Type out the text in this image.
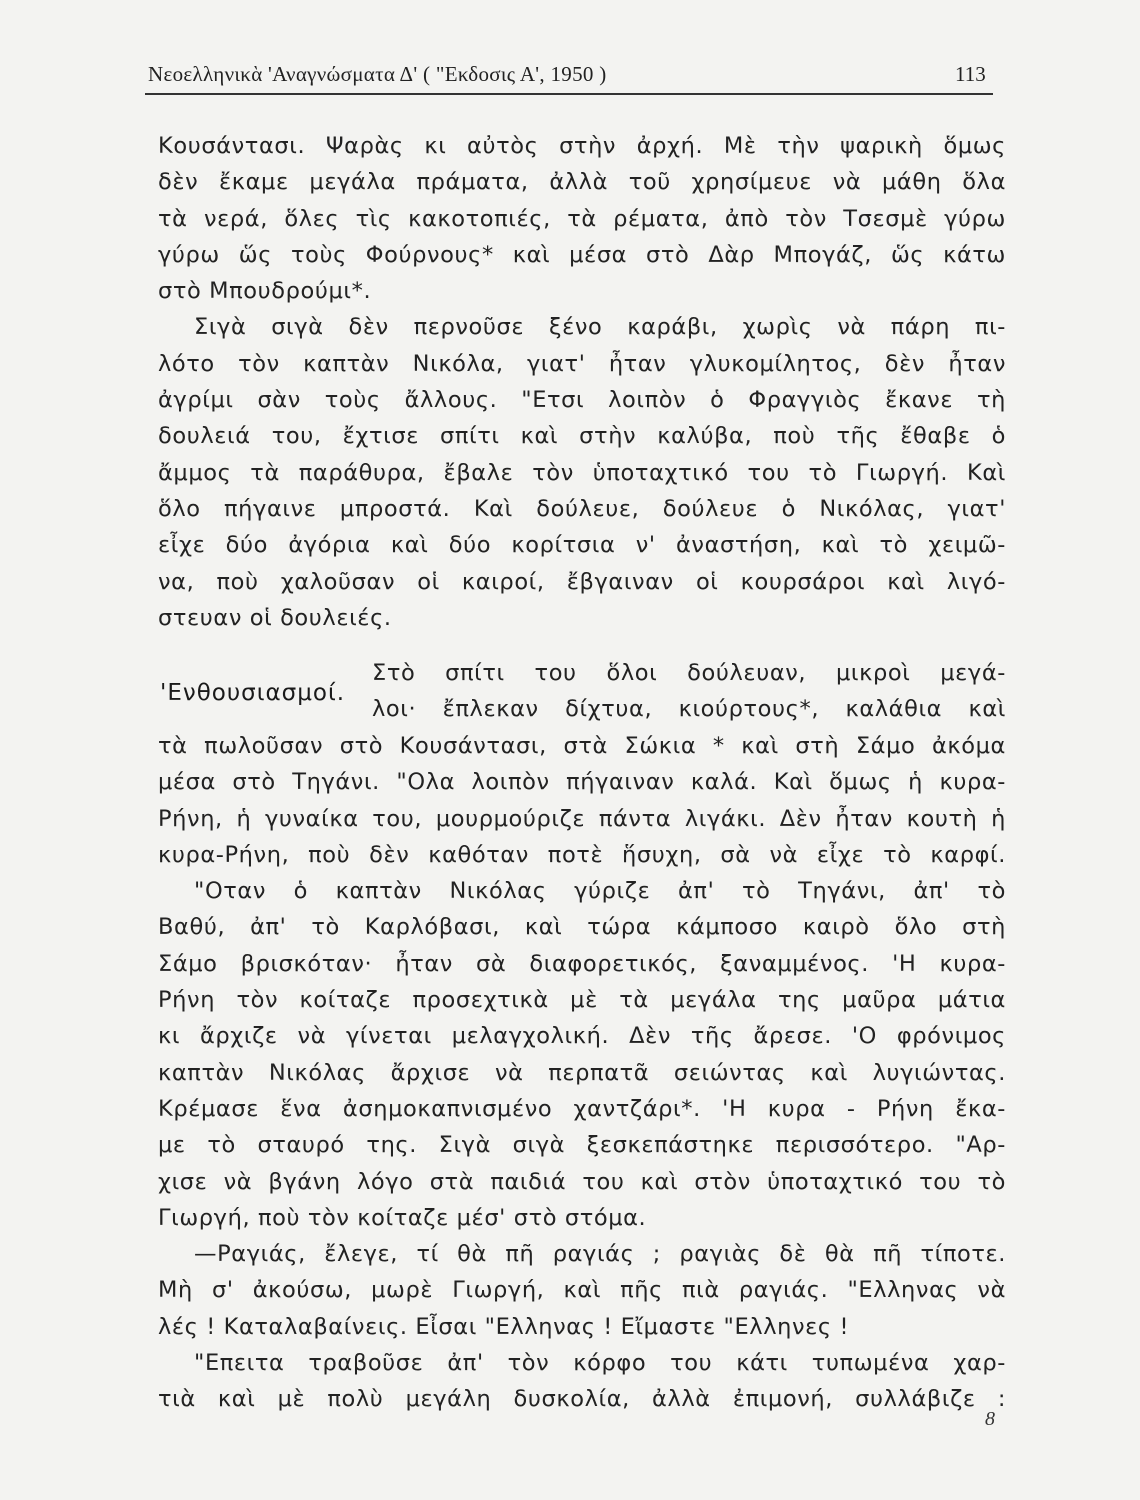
Νεοελληνικὰ 'Αναγνώσματα Δ' ( "Εκδοσις Α', 1950 )	113

Κουσάντασι. Ψαρὰς κι αὐτὸς στὴν ἀρχή. Μὲ τὴν ψαρικὴ ὅμως
δὲν ἔκαμε μεγάλα πράματα, ἀλλὰ τοῦ χρησίμευε νὰ μάθη ὅλα
τὰ νερά, ὅλες τὶς κακοτοπιές, τὰ ρέματα, ἀπὸ τὸν Τσεσμὲ γύρω
γύρω ὥς τοὺς Φούρνους* καὶ μέσα στὸ Δὰρ Μπογάζ, ὥς κάτω
στὸ Μπουδρούμι*.

Σιγὰ σιγὰ δὲν περνοῦσε ξένο καράβι, χωρὶς νὰ πάρη πι-
λότο τὸν καπτὰν Νικόλα, γιατ' ἦταν γλυκομίλητος, δὲν ἦταν
ἀγρίμι σὰν τοὺς ἄλλους. "Ετσι λοιπὸν ὁ Φραγγιὸς ἔκανε τὴ
δουλειά του, ἔχτισε σπίτι καὶ στὴν καλύβα, ποὺ τῆς ἔθαβε ὁ
ἄμμος τὰ παράθυρα, ἔβαλε τὸν ὑποταχτικό του τὸ Γιωργή. Καὶ
ὅλο πήγαινε μπροστά. Καὶ δούλευε, δούλευε ὁ Νικόλας, γιατ'
εἶχε δύο ἀγόρια καὶ δύο κορίτσια ν' ἀναστήση, καὶ τὸ χειμῶ-
να, ποὺ χαλοῦσαν οἱ καιροί, ἔβγαιναν οἱ κουρσάροι καὶ λιγό-
στευαν οἱ δουλειές.

'Ενθουσιασμοί.
Στὸ σπίτι του ὅλοι δούλευαν, μικροὶ μεγά-
λοι· ἔπλεκαν δίχτυα, κιούρτους*, καλάθια καὶ

τὰ πωλοῦσαν στὸ Κουσάντασι, στὰ Σώκια * καὶ στὴ Σάμο ἀκόμα
μέσα στὸ Τηγάνι. "Ολα λοιπὸν πήγαιναν καλά. Καὶ ὅμως ἡ κυρα-
Ρήνη, ἡ γυναίκα του, μουρμούριζε πάντα λιγάκι. Δὲν ἦταν κουτὴ ἡ
κυρα-Ρήνη, ποὺ δὲν καθόταν ποτὲ ἥσυχη, σὰ νὰ εἶχε τὸ καρφί.

"Οταν ὁ καπτὰν Νικόλας γύριζε ἀπ' τὸ Τηγάνι, ἀπ' τὸ
Βαθύ, ἀπ' τὸ Καρλόβασι, καὶ τώρα κάμποσο καιρὸ ὅλο στὴ
Σάμο βρισκόταν· ἦταν σὰ διαφορετικός, ξαναμμένος. 'Η κυρα-
Ρήνη τὸν κοίταζε προσεχτικὰ μὲ τὰ μεγάλα της μαῦρα μάτια
κι ἄρχιζε νὰ γίνεται μελαγχολική. Δὲν τῆς ἄρεσε. 'Ο φρόνιμος
καπτὰν Νικόλας ἄρχισε νὰ περπατᾶ σειώντας καὶ λυγιώντας.
Κρέμασε ἕνα ἀσημοκαπνισμένο χαντζάρι*. 'Η κυρα - Ρήνη ἔκα-
με τὸ σταυρό της. Σιγὰ σιγὰ ξεσκεπάστηκε περισσότερο. "Αρ-
χισε νὰ βγάνη λόγο στὰ παιδιά του καὶ στὸν ὑποταχτικό του τὸ
Γιωργή, ποὺ τὸν κοίταζε μέσ' στὸ στόμα.

—Ραγιάς, ἔλεγε, τί θὰ πῆ ραγιάς ; ραγιὰς δὲ θὰ πῆ τίποτε.
Μὴ σ' ἀκούσω, μωρὲ Γιωργή, καὶ πῆς πιὰ ραγιάς. "Ελληνας νὰ
λές ! Καταλαβαίνεις. Εἶσαι "Ελληνας ! Εἴμαστε "Ελληνες !

"Επειτα τραβοῦσε ἀπ' τὸν κόρφο του κάτι τυπωμένα χαρ-
τιὰ καὶ μὲ πολὺ μεγάλη δυσκολία, ἀλλὰ ἐπιμονή, συλλάβιζε :

8
